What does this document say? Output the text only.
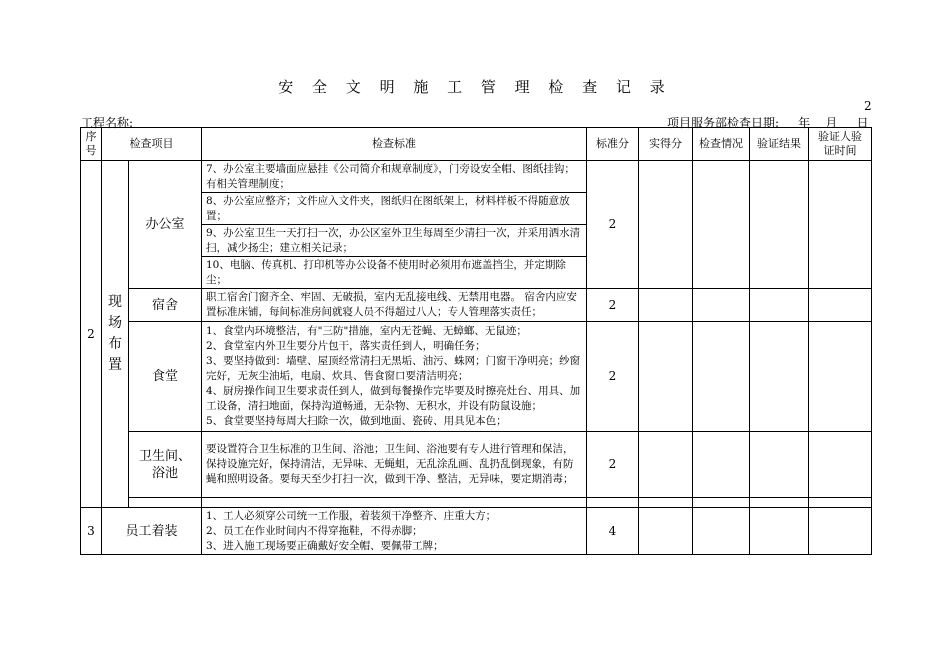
安 全 文 明 施 工 管 理 检 查 记 录
2
工程名称:	项目服务部检查日期:     年    月     日
序号	检查项目		检查标准	标准分	实得分	检查情况	验证结果	验证人验证时间
2	现
场
布
置	办公室	7、办公室主要墙面应悬挂《公司简介和规章制度》，门旁设安全帽、图纸挂钩；有相关管理制度；	2				
			8、办公室应整齐；文件应入文件夹，图纸归在图纸架上，材料样板不得随意放置；					
			9、办公室卫生一天打扫一次，办公区室外卫生每周至少清扫一次，并采用洒水清扫，减少扬尘；建立相关记录；					
			10、电脑、传真机、打印机等办公设备不使用时必须用布遮盖挡尘，并定期除尘；					
		宿舍	职工宿舍门窗齐全、牢固、无破损，室内无乱接电线、无禁用电器。 宿舍内应安置标准床铺，每间标准房间就寝人员不得超过八人；专人管理落实责任；	2				
		食堂	1、食堂内环境整洁，有"三防"措施，室内无苍蝇、无蟑螂、无鼠迹；
2、食堂室内外卫生要分片包干，落实责任到人，明确任务；
3、要坚持做到：墙壁、屋顶经常清扫无黑垢、油污、蛛网；门窗干净明亮；纱窗完好，无灰尘油垢，电扇、炊具、售食窗口要清洁明亮；
4、厨房操作间卫生要求责任到人，做到每餐操作完毕要及时擦亮灶台、用具、加工设备，清扫地面，保持沟道畅通，无杂物、无积水，并设有防鼠设施；
5、食堂要坚持每周大扫除一次，做到地面、瓷砖、用具见本色；	2				
		卫生间、浴池	要设置符合卫生标准的卫生间、浴池；卫生间、浴池要有专人进行管理和保洁，保持设施完好，保持清洁，无异味、无蝇蛆，无乱涂乱画、乱扔乱倒现象，有防蝇和照明设备。要每天至少打扫一次，做到干净、整洁，无异味，要定期消毒；	2				

3	员工着装		1、工人必须穿公司统一工作服，着装须干净整齐、庄重大方；
2、员工在作业时间内不得穿拖鞋，不得赤脚；
3、进入施工现场要正确戴好安全帽、要佩带工牌；	4				
